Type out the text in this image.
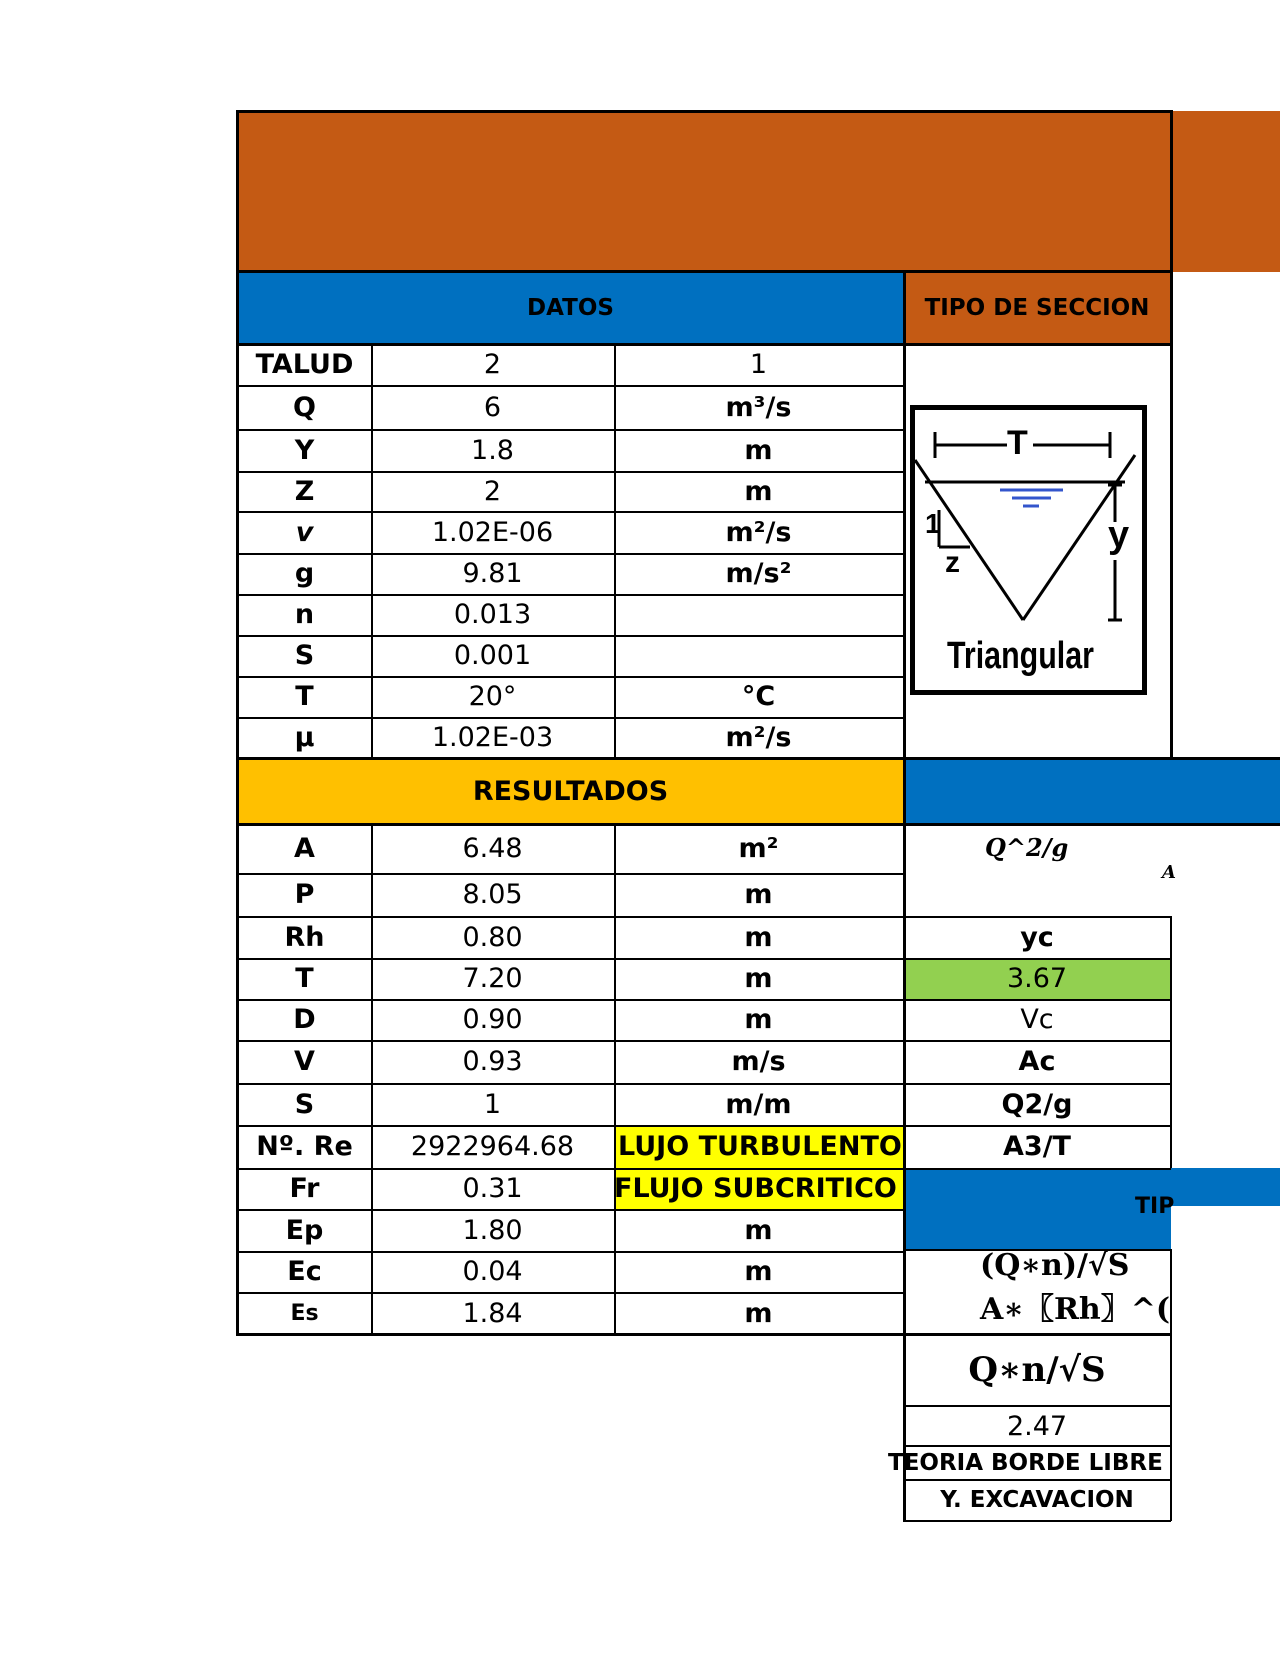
DATOS	TIPO DE SECCION
TALUD	2	1
Q	6	m³/s
Y	1.8	m
Z	2	m
v	1.02E-06	m²/s
g	9.81	m/s²
n	0.013
S	0.001
T	20°	°C
µ	1.02E-03	m²/s
T
y
1
z
Triangular
RESULTADOS
A	6.48	m²
P	8.05	m
Rh	0.80	m
T	7.20	m
D	0.90	m
V	0.93	m/s
S	1	m/m
Nº. Re	2922964.68	LUJO TURBULENTO
Fr	0.31	FLUJO SUBCRITICO
Ep	1.80	m
Ec	0.04	m
Es	1.84	m
Q^2/g
A
yc
3.67
Vc
Ac
Q2/g
A3/T
TIP
(Q∗n)/√S
A∗〖Rh〗^(
Q∗n/√S
2.47
TEORIA BORDE LIBRE
Y. EXCAVACION
